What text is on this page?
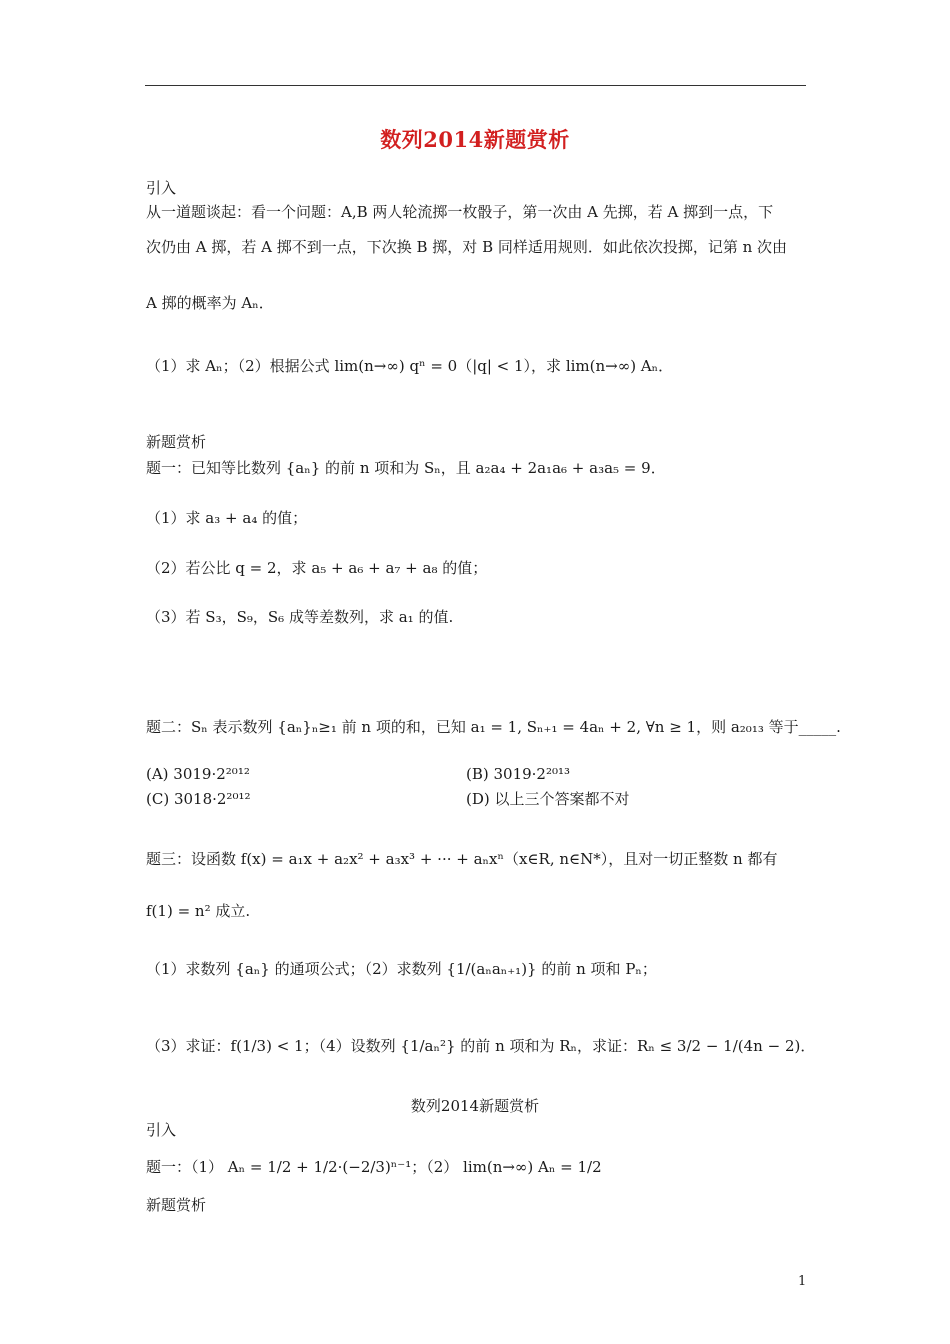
数列2014新题赏析
引入
从一道题谈起：看一个问题：A,B 两人轮流掷一枚骰子，第一次由 A 先掷，若 A 掷到一点，下
次仍由 A 掷，若 A 掷不到一点，下次换 B 掷，对 B 同样适用规则．如此依次投掷，记第 n 次由
A 掷的概率为 Aₙ．
（1）求 Aₙ；（2）根据公式 lim(n→∞) qⁿ = 0（|q| < 1），求 lim(n→∞) Aₙ．
新题赏析
题一：已知等比数列 {aₙ} 的前 n 项和为 Sₙ，且 a₂a₄ + 2a₁a₆ + a₃a₅ = 9．
（1）求 a₃ + a₄ 的值；
（2）若公比 q = 2，求 a₅ + a₆ + a₇ + a₈ 的值；
（3）若 S₃，S₉，S₆ 成等差数列，求 a₁ 的值.
题二：Sₙ 表示数列 {aₙ}ₙ≥₁ 前 n 项的和，已知 a₁ = 1, Sₙ₊₁ = 4aₙ + 2, ∀n ≥ 1，则 a₂₀₁₃ 等于_____.
(A) 3019·2²⁰¹²	(B) 3019·2²⁰¹³
(C) 3018·2²⁰¹²	(D) 以上三个答案都不对
题三：设函数 f(x) = a₁x + a₂x² + a₃x³ + ··· + aₙxⁿ（x∈R, n∈N*），且对一切正整数 n 都有
f(1) = n² 成立.
（1）求数列 {aₙ} 的通项公式；（2）求数列 {1/(aₙaₙ₊₁)} 的前 n 项和 Pₙ；
（3）求证：f(1/3) < 1；（4）设数列 {1/aₙ²} 的前 n 项和为 Rₙ，求证：Rₙ ≤ 3/2 − 1/(4n − 2)．
数列2014新题赏析
引入
题一：（1） Aₙ = 1/2 + 1/2·(−2/3)ⁿ⁻¹；（2） lim(n→∞) Aₙ = 1/2
新题赏析
1
